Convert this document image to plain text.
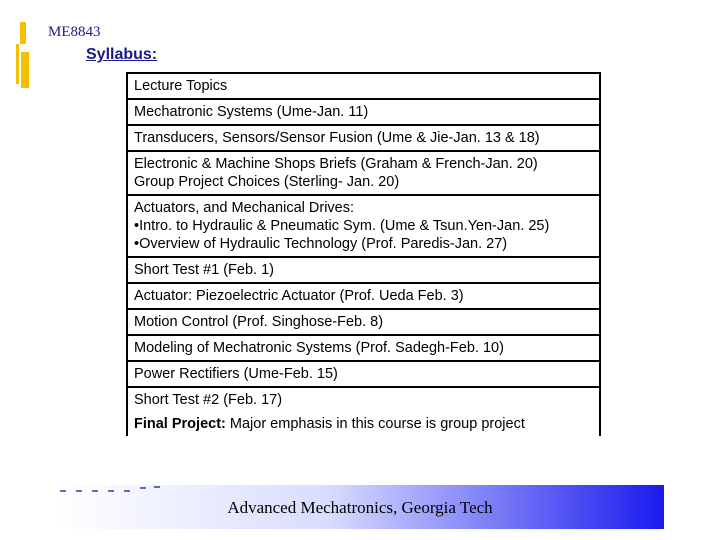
ME8843
Syllabus:
Lecture Topics
Mechatronic Systems (Ume-Jan. 11)
Transducers, Sensors/Sensor Fusion (Ume & Jie-Jan. 13 & 18)
Electronic & Machine Shops Briefs (Graham & French-Jan. 20)
Group Project Choices (Sterling- Jan. 20)
Actuators, and Mechanical Drives:
•Intro. to Hydraulic & Pneumatic Sym. (Ume & Tsun.Yen-Jan. 25)
•Overview of Hydraulic Technology (Prof. Paredis-Jan. 27)
Short Test #1 (Feb. 1)
Actuator: Piezoelectric Actuator (Prof. Ueda Feb. 3)
Motion Control (Prof. Singhose-Feb. 8)
Modeling of Mechatronic Systems (Prof. Sadegh-Feb. 10)
Power Rectifiers (Ume-Feb. 15)
Short Test #2 (Feb. 17)
Final Project: Major emphasis in this course is group project
Advanced Mechatronics, Georgia Tech
